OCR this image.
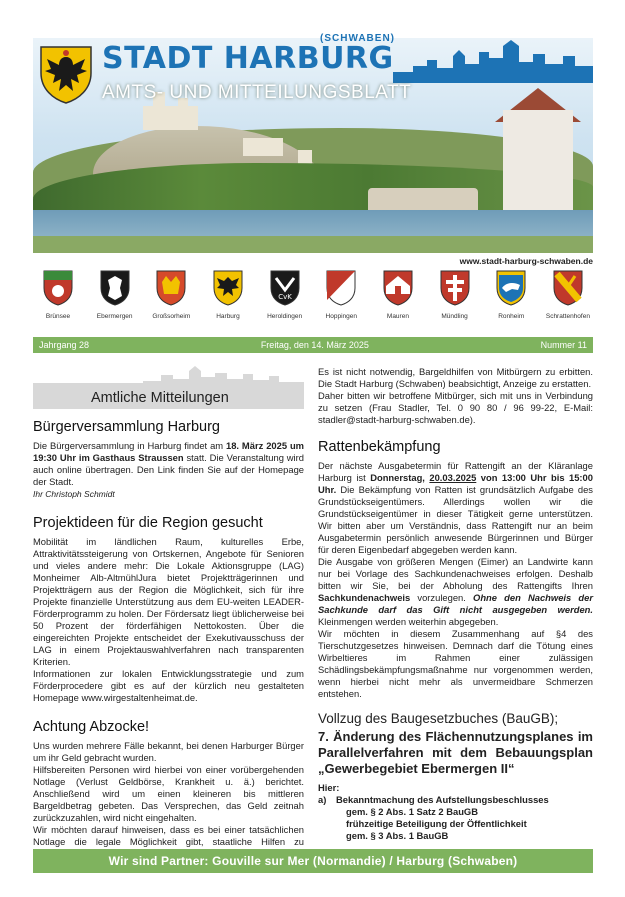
(SCHWABEN)
STADT HARBURG
AMTS- UND MITTEILUNGSBLATT
www.stadt-harburg-schwaben.de
Brünsee	Ebermergen	Großsorheim	Harburg
CvK
Heroldingen	Hoppingen	Mauren	Mündling	Ronheim	Schrattenhofen
Jahrgang 28	Freitag, den 14. März 2025	Nummer 11
Amtliche Mitteilungen
Bürgerversammlung Harburg

Die Bürgerversammlung in Harburg findet am 18. März 2025 um 19:30 Uhr im Gasthaus Straussen statt. Die Veranstaltung wird auch online übertragen. Den Link finden Sie auf der Homepage der Stadt.

Ihr Christoph Schmidt

Projektideen für die Region gesucht

Mobilität im ländlichen Raum, kulturelles Erbe, Attraktivitätssteigerung von Ortskernen, Angebote für Senioren und vieles andere mehr: Die Lokale Aktionsgruppe (LAG) Monheimer Alb-AltmühlJura bietet Projektträgerinnen und Projektträgern aus der Region die Möglichkeit, sich für ihre Projekte finanzielle Unterstützung aus dem EU-weiten LEADER-Förderprogramm zu holen. Der Fördersatz liegt üblicherweise bei 50 Prozent der förderfähigen Nettokosten. Über die eingereichten Projekte entscheidet der Exekutivausschuss der LAG in einem Projektauswahlverfahren nach transparenten Kriterien.

Informationen zur lokalen Entwicklungsstrategie und zum Förderprocedere gibt es auf der kürzlich neu gestalteten Homepage www.wirgestaltenheimat.de.

Achtung Abzocke!

Uns wurden mehrere Fälle bekannt, bei denen Harburger Bürger um ihr Geld gebracht wurden.

Hilfsbereiten Personen wird hierbei von einer vorübergehenden Notlage (Verlust Geldbörse, Krankheit u. ä.) berichtet. Anschließend wird um einen kleineren bis mittleren Bargeldbetrag gebeten. Das Versprechen, das Geld zeitnah zurückzuzahlen, wird nicht eingehalten.

Wir möchten darauf hinweisen, dass es bei einer tatsächlichen Notlage die legale Möglichkeit gibt, staatliche Hilfen zu

Es ist nicht notwendig, Bargeldhilfen von Mitbürgern zu erbitten. Die Stadt Harburg (Schwaben) beabsichtigt, Anzeige zu erstatten.

Daher bitten wir betroffene Mitbürger, sich mit uns in Verbindung zu setzen (Frau Stadler, Tel. 0 90 80 / 96 99-22, E-Mail: stadler@stadt-harburg-schwaben.de).

Rattenbekämpfung

Der nächste Ausgabetermin für Rattengift an der Kläranlage Harburg ist Donnerstag, 20.03.2025 von 13:00 Uhr bis 15:00 Uhr. Die Bekämpfung von Ratten ist grundsätzlich Aufgabe des Grundstückseigentümers. Allerdings wollen wir die Grundstückseigentümer in dieser Tätigkeit gerne unterstützen. Wir bitten aber um Verständnis, dass Rattengift nur an beim Ausgabetermin persönlich anwesende Bürgerinnen und Bürger für deren Eigenbedarf abgegeben werden kann.

Die Ausgabe von größeren Mengen (Eimer) an Landwirte kann nur bei Vorlage des Sachkundenachweises erfolgen. Deshalb bitten wir Sie, bei der Abholung des Rattengifts Ihren Sachkundenachweis vorzulegen. Ohne den Nachweis der Sachkunde darf das Gift nicht ausgegeben werden. Kleinmengen werden weiterhin abgegeben.

Wir möchten in diesem Zusammenhang auf §4 des Tierschutzgesetzes hinweisen. Demnach darf die Tötung eines Wirbeltieres im Rahmen einer zulässigen Schädlingsbekämpfungsmaßnahme nur vorgenommen werden, wenn hierbei nicht mehr als unvermeidbare Schmerzen entstehen.

Vollzug des Baugesetzbuches (BauGB);
7. Änderung des Flächennutzungsplanes im Parallelverfahren mit dem Bebauungsplan „Gewerbegebiet Ebermergen II“

Hier:

a)	Bekanntmachung des Aufstellungsbeschlusses
gem. § 2 Abs. 1 Satz 2 BauGB
frühzeitige Beteiligung der Öffentlichkeit
gem. § 3 Abs. 1 BauGB
Wir sind Partner: Gouville sur Mer (Normandie) / Harburg (Schwaben)
